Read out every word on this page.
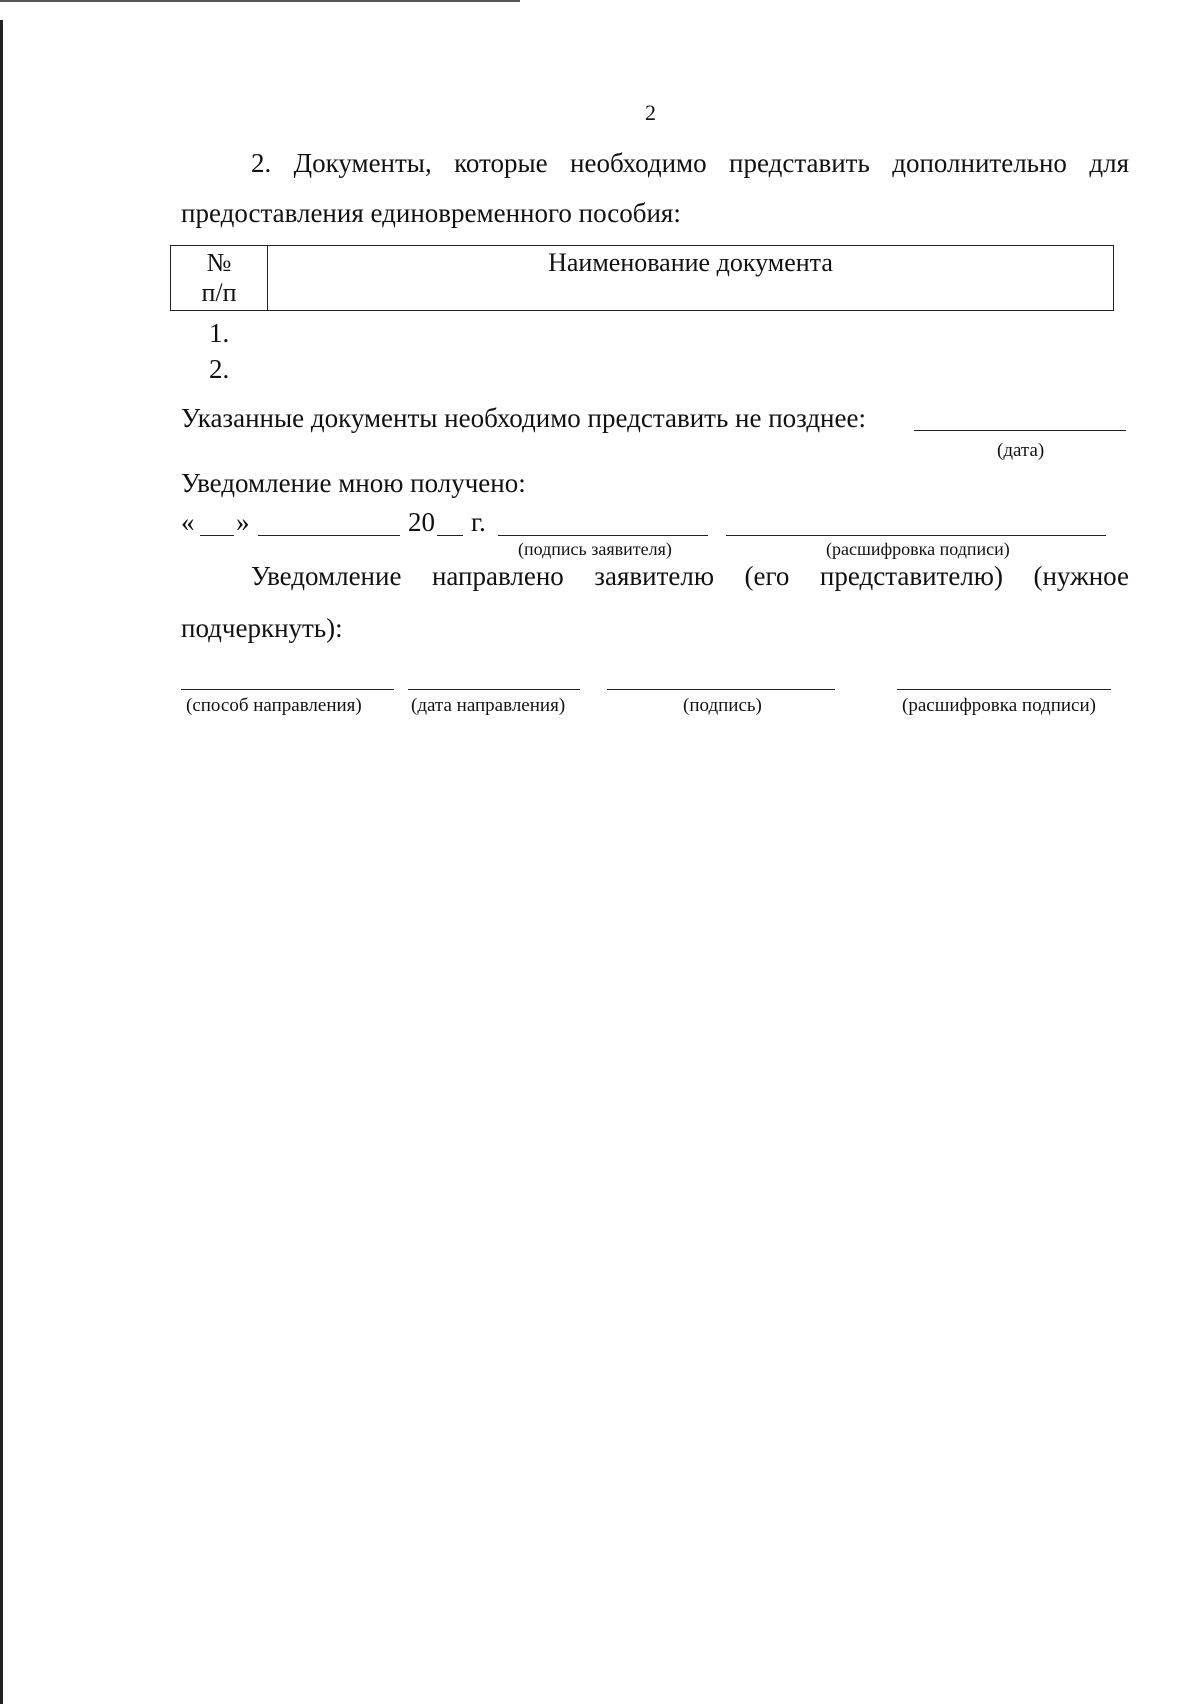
2
2. Документы, которые необходимо представить дополнительно для
предоставления единовременного пособия:
№
п/п
	Наименование документа
1.
2.
Указанные документы необходимо представить не позднее:
(дата)
Уведомление мною получено:
« »	20 г.
(подпись заявителя)	(расшифровка подписи)
Уведомление направлено заявителю (его представителю) (нужное
подчеркнуть):
(способ направления)	(дата направления)	(подпись)	(расшифровка подписи)
